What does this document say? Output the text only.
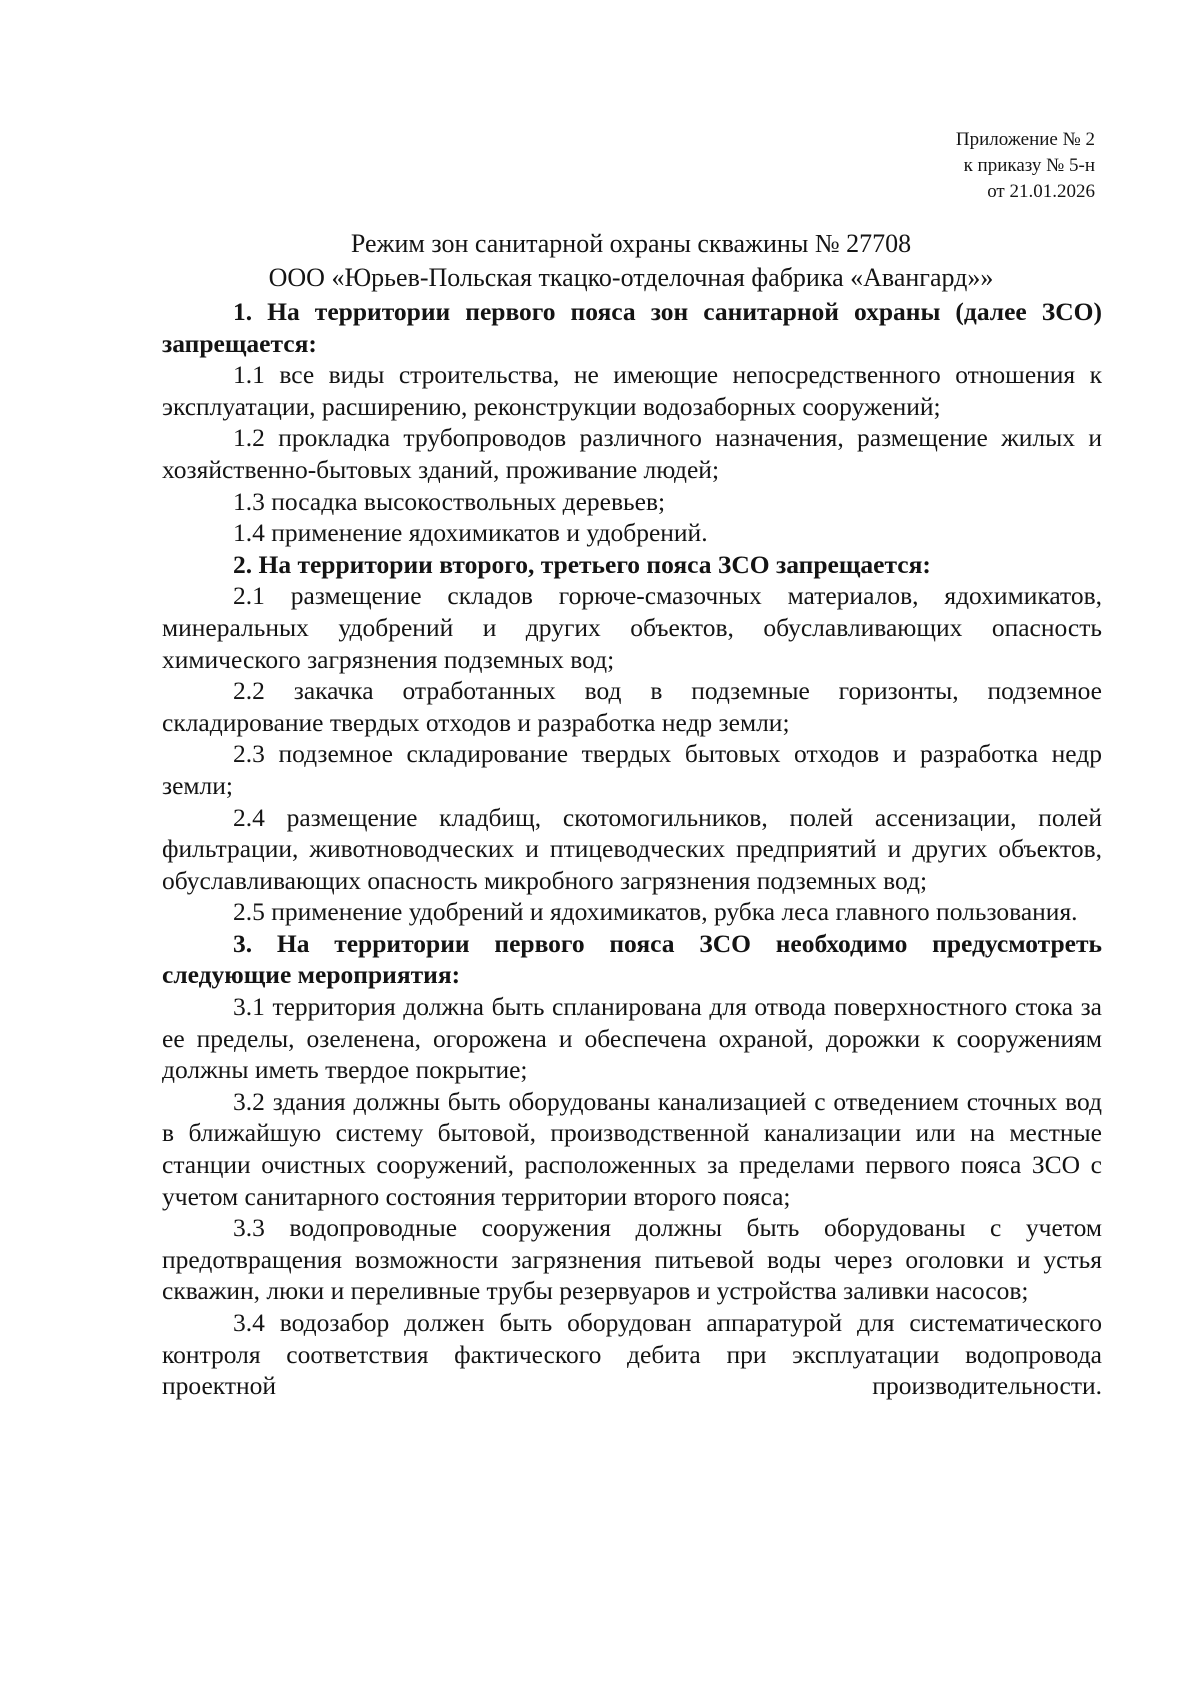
Приложение № 2
к приказу № 5-н
от 21.01.2026
Режим зон санитарной охраны скважины № 27708
ООО «Юрьев-Польская ткацко-отделочная фабрика «Авангард»»

1. На территории первого пояса зон санитарной охраны (далее ЗСО) запрещается:

1.1 все виды строительства, не имеющие непосредственного отношения к эксплуатации, расширению, реконструкции водозаборных сооружений;

1.2 прокладка трубопроводов различного назначения, размещение жилых и хозяйственно-бытовых зданий, проживание людей;

1.3 посадка высокоствольных деревьев;

1.4 применение ядохимикатов и удобрений.

2. На территории второго, третьего пояса ЗСО запрещается:

2.1 размещение складов горюче-смазочных материалов, ядохимикатов, минеральных удобрений и других объектов, обуславливающих опасность химического загрязнения подземных вод;

2.2 закачка отработанных вод в подземные горизонты, подземное складирование твердых отходов и разработка недр земли;

2.3 подземное складирование твердых бытовых отходов и разработка недр земли;

2.4 размещение кладбищ, скотомогильников, полей ассенизации, полей фильтрации, животноводческих и птицеводческих предприятий и других объектов, обуславливающих опасность микробного загрязнения подземных вод;

2.5 применение удобрений и ядохимикатов, рубка леса главного пользования.

3. На территории первого пояса ЗСО необходимо предусмотреть следующие мероприятия:

3.1 территория должна быть спланирована для отвода поверхностного стока за ее пределы, озеленена, огорожена и обеспечена охраной, дорожки к сооружениям должны иметь твердое покрытие;

3.2 здания должны быть оборудованы канализацией с отведением сточных вод в ближайшую систему бытовой, производственной канализации или на местные станции очистных сооружений, расположенных за пределами первого пояса ЗСО с учетом санитарного состояния территории второго пояса;

3.3 водопроводные сооружения должны быть оборудованы с учетом предотвращения возможности загрязнения питьевой воды через оголовки и устья скважин, люки и переливные трубы резервуаров и устройства заливки насосов;

3.4 водозабор должен быть оборудован аппаратурой для систематического контроля соответствия фактического дебита при эксплуатации водопровода проектной производительности.
